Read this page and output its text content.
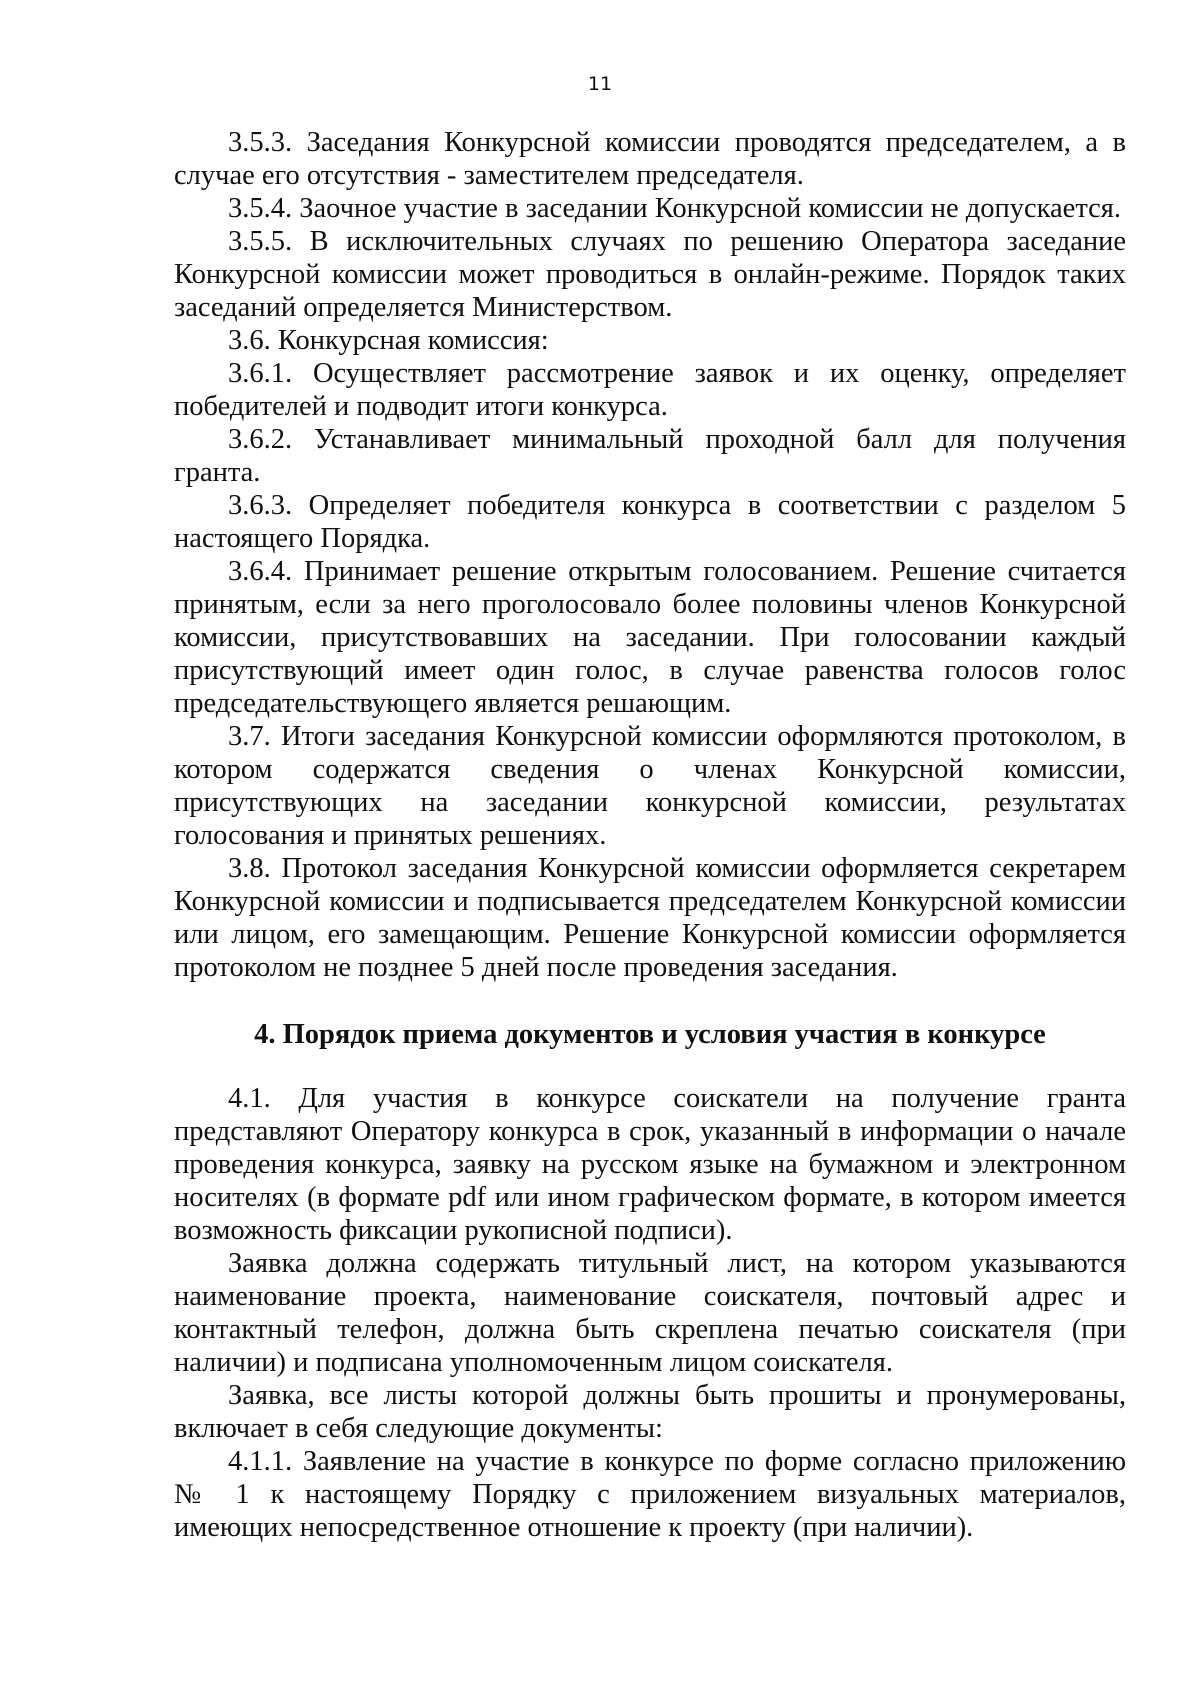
11

3.5.3. Заседания Конкурсной комиссии проводятся председателем, а в случае его отсутствия - заместителем председателя.

3.5.4. Заочное участие в заседании Конкурсной комиссии не допускается.

3.5.5. В исключительных случаях по решению Оператора заседание Конкурсной комиссии может проводиться в онлайн-режиме. Порядок таких заседаний определяется Министерством.

3.6. Конкурсная комиссия:

3.6.1. Осуществляет рассмотрение заявок и их оценку, определяет победителей и подводит итоги конкурса.

3.6.2. Устанавливает минимальный проходной балл для получения гранта.

3.6.3. Определяет победителя конкурса в соответствии с разделом 5 настоящего Порядка.

3.6.4. Принимает решение открытым голосованием. Решение считается принятым, если за него проголосовало более половины членов Конкурсной комиссии, присутствовавших на заседании. При голосовании каждый присутствующий имеет один голос, в случае равенства голосов голос председательствующего является решающим.

3.7. Итоги заседания Конкурсной комиссии оформляются протоколом, в котором содержатся сведения о членах Конкурсной комиссии, присутствующих на заседании конкурсной комиссии, результатах голосования и принятых решениях.

3.8. Протокол заседания Конкурсной комиссии оформляется секретарем Конкурсной комиссии и подписывается председателем Конкурсной комиссии или лицом, его замещающим. Решение Конкурсной комиссии оформляется протоколом не позднее 5 дней после проведения заседания.

4. Порядок приема документов и условия участия в конкурсе

4.1. Для участия в конкурсе соискатели на получение гранта представляют Оператору конкурса в срок, указанный в информации о начале проведения конкурса, заявку на русском языке на бумажном и электронном носителях (в формате pdf или ином графическом формате, в котором имеется возможность фиксации рукописной подписи).

Заявка должна содержать титульный лист, на котором указываются наименование проекта, наименование соискателя, почтовый адрес и контактный телефон, должна быть скреплена печатью соискателя (при наличии) и подписана уполномоченным лицом соискателя.

Заявка, все листы которой должны быть прошиты и пронумерованы, включает в себя следующие документы:

4.1.1. Заявление на участие в конкурсе по форме согласно приложению № 1 к настоящему Порядку с приложением визуальных материалов, имеющих непосредственное отношение к проекту (при наличии).
